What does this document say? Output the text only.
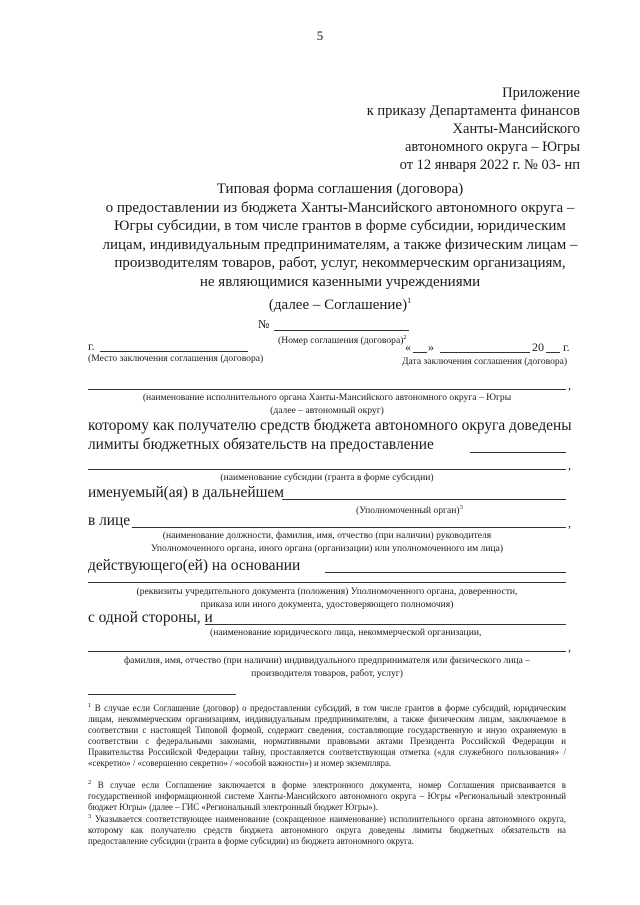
5
Приложение
к приказу Департамента финансов
Ханты-Мансийского
автономного округа – Югры
от 12 января 2022 г. № 03- нп
Типовая форма соглашения (договора)
о предоставлении из бюджета Ханты-Мансийского автономного округа –
Югры субсидии, в том числе грантов в форме субсидии, юридическим
лицам, индивидуальным предпринимателям, а также физическим лицам –
производителям товаров, работ, услуг, некоммерческим организациям,
не являющимися казенными учреждениями
(далее – Соглашение)$^1$
№
(Номер соглашения (договора)$^2$
г.
(Место заключения соглашения (договора)
« »	20 г.
Дата заключения соглашения (договора)
,
(наименование исполнительного органа Ханты-Мансийского автономного округа – Югры
(далее – автономный округ)
которому как получателю средств бюджета автономного округа доведены
лимиты бюджетных обязательств на предоставление
,
(наименование субсидии (гранта в форме субсидии)
именуемый(ая) в дальнейшем
(Уполномоченный орган)$^3$
в лице	,
(наименование должности, фамилия, имя, отчество (при наличии) руководителя
Уполномоченного органа, иного органа (организации) или уполномоченного им лица)
действующего(ей) на основании
(реквизиты учредительного документа (положения) Уполномоченного органа, доверенности,
приказа или иного документа, удостоверяющего полномочия)
с одной стороны, и
(наименование юридического лица, некоммерческой организации,
,
фамилия, имя, отчество (при наличии) индивидуального предпринимателя или физического лица –
производителя товаров, работ, услуг)
$^1$ В случае если Соглашение (договор) о предоставлении субсидий, в том числе грантов в форме субсидий, юридическим лицам, некоммерческим организациям, индивидуальным предпринимателям, а также физическим лицам, заключаемое в соответствии с настоящей Типовой формой, содержит сведения, составляющие государственную и иную охраняемую в соответствии с федеральными законами, нормативными правовыми актами Президента Российской Федерации и Правительства Российской Федерации тайну, проставляется соответствующая отметка («для служебного пользования» / «секретно» / «совершенно секретно» / «особой важности») и номер экземпляра.
$^2$ В случае если Соглашение заключается в форме электронного документа, номер Соглашения присваивается в государственной информационной системе Ханты-Мансийского автономного округа – Югры «Региональный электронный бюджет Югры» (далее – ГИС «Региональный электронный бюджет Югры»).
$^3$ Указывается соответствующее наименование (сокращенное наименование) исполнительного органа автономного округа, которому как получателю средств бюджета автономного округа доведены лимиты бюджетных обязательств на предоставление субсидии (гранта в форме субсидии) из бюджета автономного округа.
